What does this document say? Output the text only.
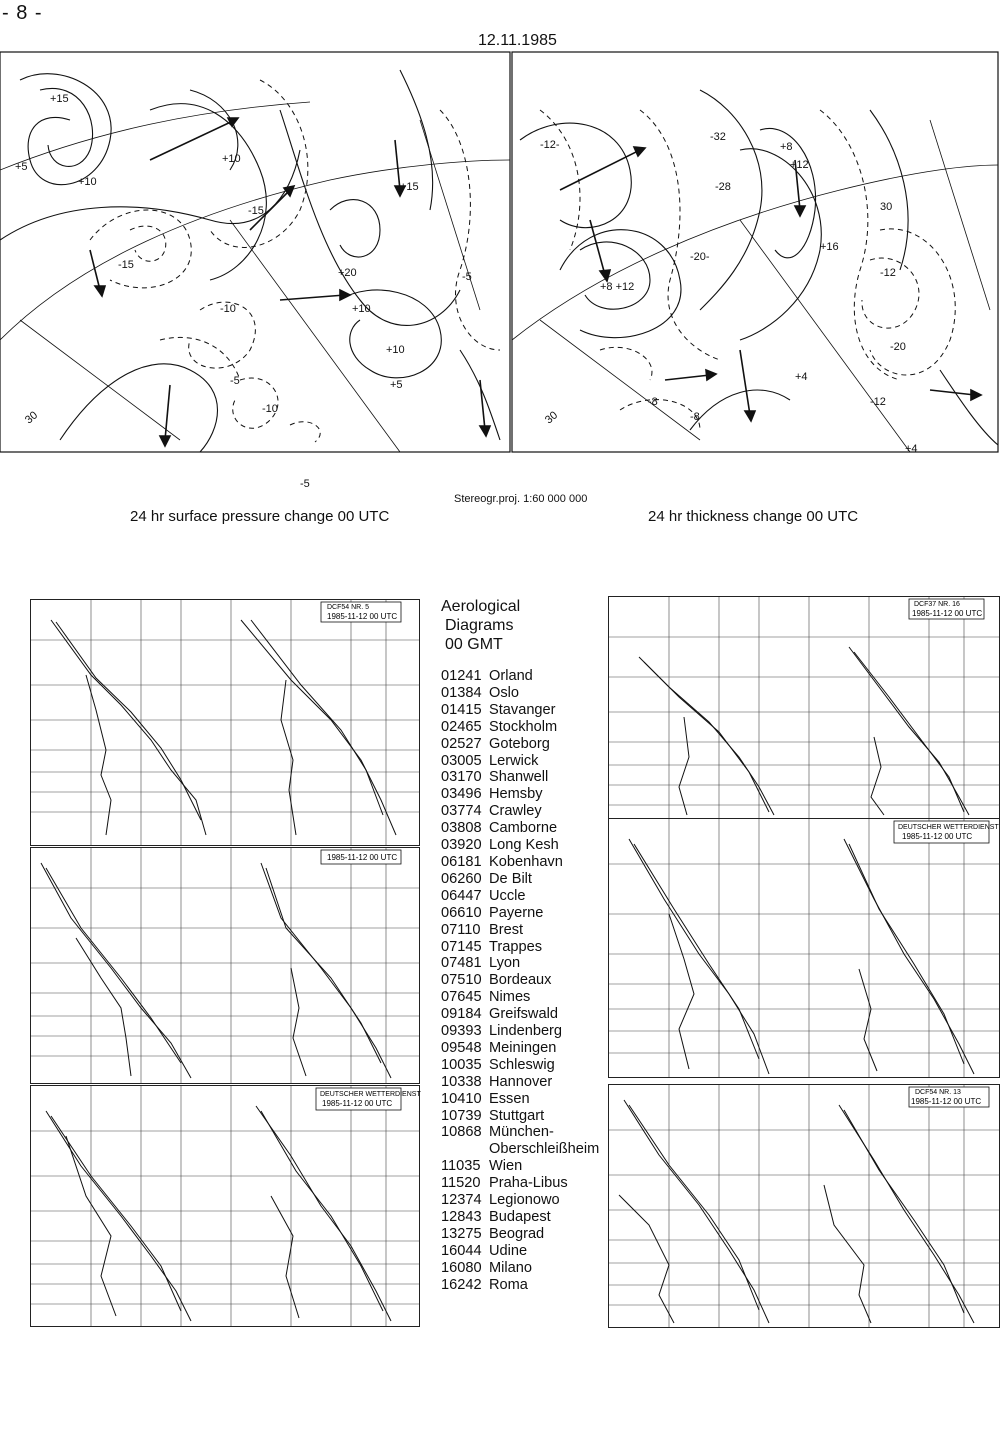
- 8 -
12.11.1985
+15
+10
-15
+10
-15
+20
+10
+10
+5
-10
-5
-10
-5
+15
-5
+5
30
-12-
+8 +12
-20-
-32
-28
+8
+12
+16
-12
-20
-12
+4
-8
-8
+4
30
30
24 hr surface pressure change 00 UTC
Stereogr.proj. 1:60 000 000
24 hr thickness change 00 UTC
DCF54 NR. 5
1985-11-12 00 UTC
1985-11-12 00 UTC
DEUTSCHER WETTERDIENST
1985-11-12 00 UTC
DCF37 NR. 16
1985-11-12 00 UTC
DEUTSCHER WETTERDIENST
1985-11-12 00 UTC
DCF54 NR. 13
1985-11-12 00 UTC
Aerological
Diagrams
00 GMT
01241 Orland
01384 Oslo
01415 Stavanger
02465 Stockholm
02527 Goteborg
03005 Lerwick
03170 Shanwell
03496 Hemsby
03774 Crawley
03808 Camborne
03920 Long Kesh
06181 Kobenhavn
06260 De Bilt
06447 Uccle
06610 Payerne
07110 Brest
07145 Trappes
07481 Lyon
07510 Bordeaux
07645 Nimes
09184 Greifswald
09393 Lindenberg
09548 Meiningen
10035 Schleswig
10338 Hannover
10410 Essen
10739 Stuttgart
10868 München-
Oberschleißheim
11035 Wien
11520 Praha-Libus
12374 Legionowo
12843 Budapest
13275 Beograd
16044 Udine
16080 Milano
16242 Roma
